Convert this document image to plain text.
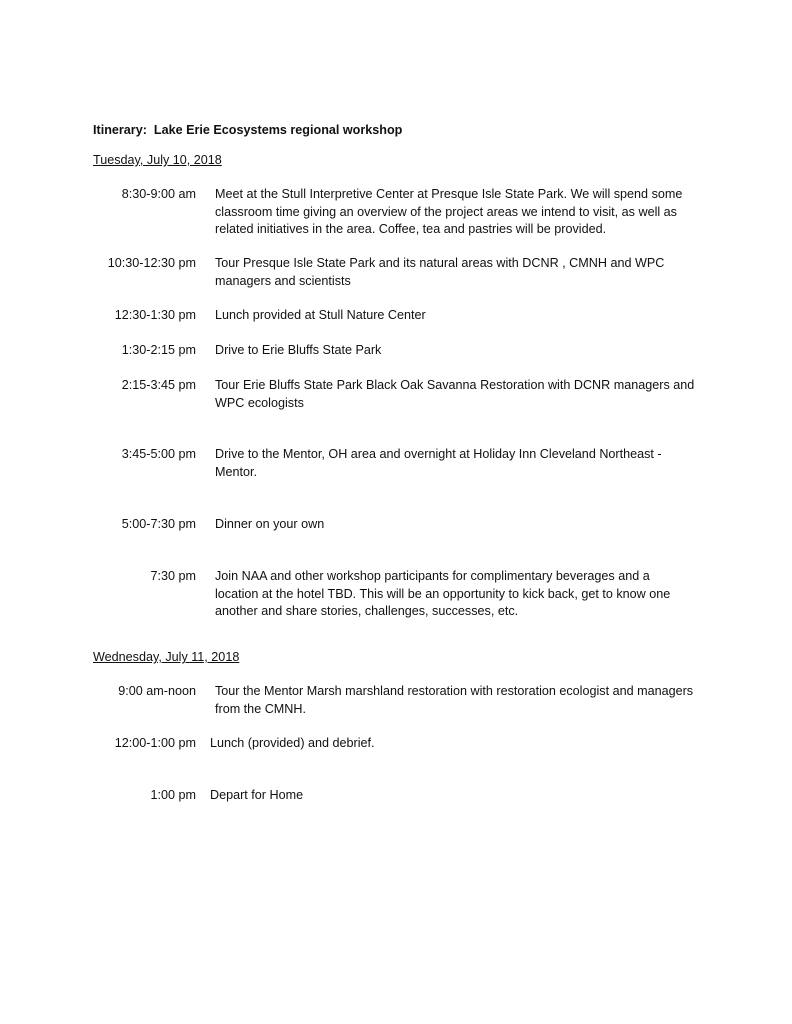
Itinerary:  Lake Erie Ecosystems regional workshop
Tuesday, July 10, 2018
8:30-9:00 am Meet at the Stull Interpretive Center at Presque Isle State Park. We will spend some classroom time giving an overview of the project areas we intend to visit, as well as related initiatives in the area. Coffee, tea and pastries will be provided.
10:30-12:30 pm Tour Presque Isle State Park and its natural areas with DCNR , CMNH and WPC managers and scientists
12:30-1:30 pm Lunch provided at Stull Nature Center
1:30-2:15 pm Drive to Erie Bluffs State Park
2:15-3:45 pm Tour Erie Bluffs State Park Black Oak Savanna Restoration with DCNR managers and WPC ecologists
3:45-5:00 pm Drive to the Mentor, OH area and overnight at Holiday Inn Cleveland Northeast - Mentor.
5:00-7:30 pm Dinner on your own
7:30 pm Join NAA and other workshop participants for complimentary beverages and a location at the hotel TBD. This will be an opportunity to kick back, get to know one another and share stories, challenges, successes, etc.
Wednesday, July 11, 2018
9:00 am-noon Tour the Mentor Marsh marshland restoration with restoration ecologist and managers from the CMNH.
12:00-1:00 pm Lunch (provided) and debrief.
1:00 pm Depart for Home
